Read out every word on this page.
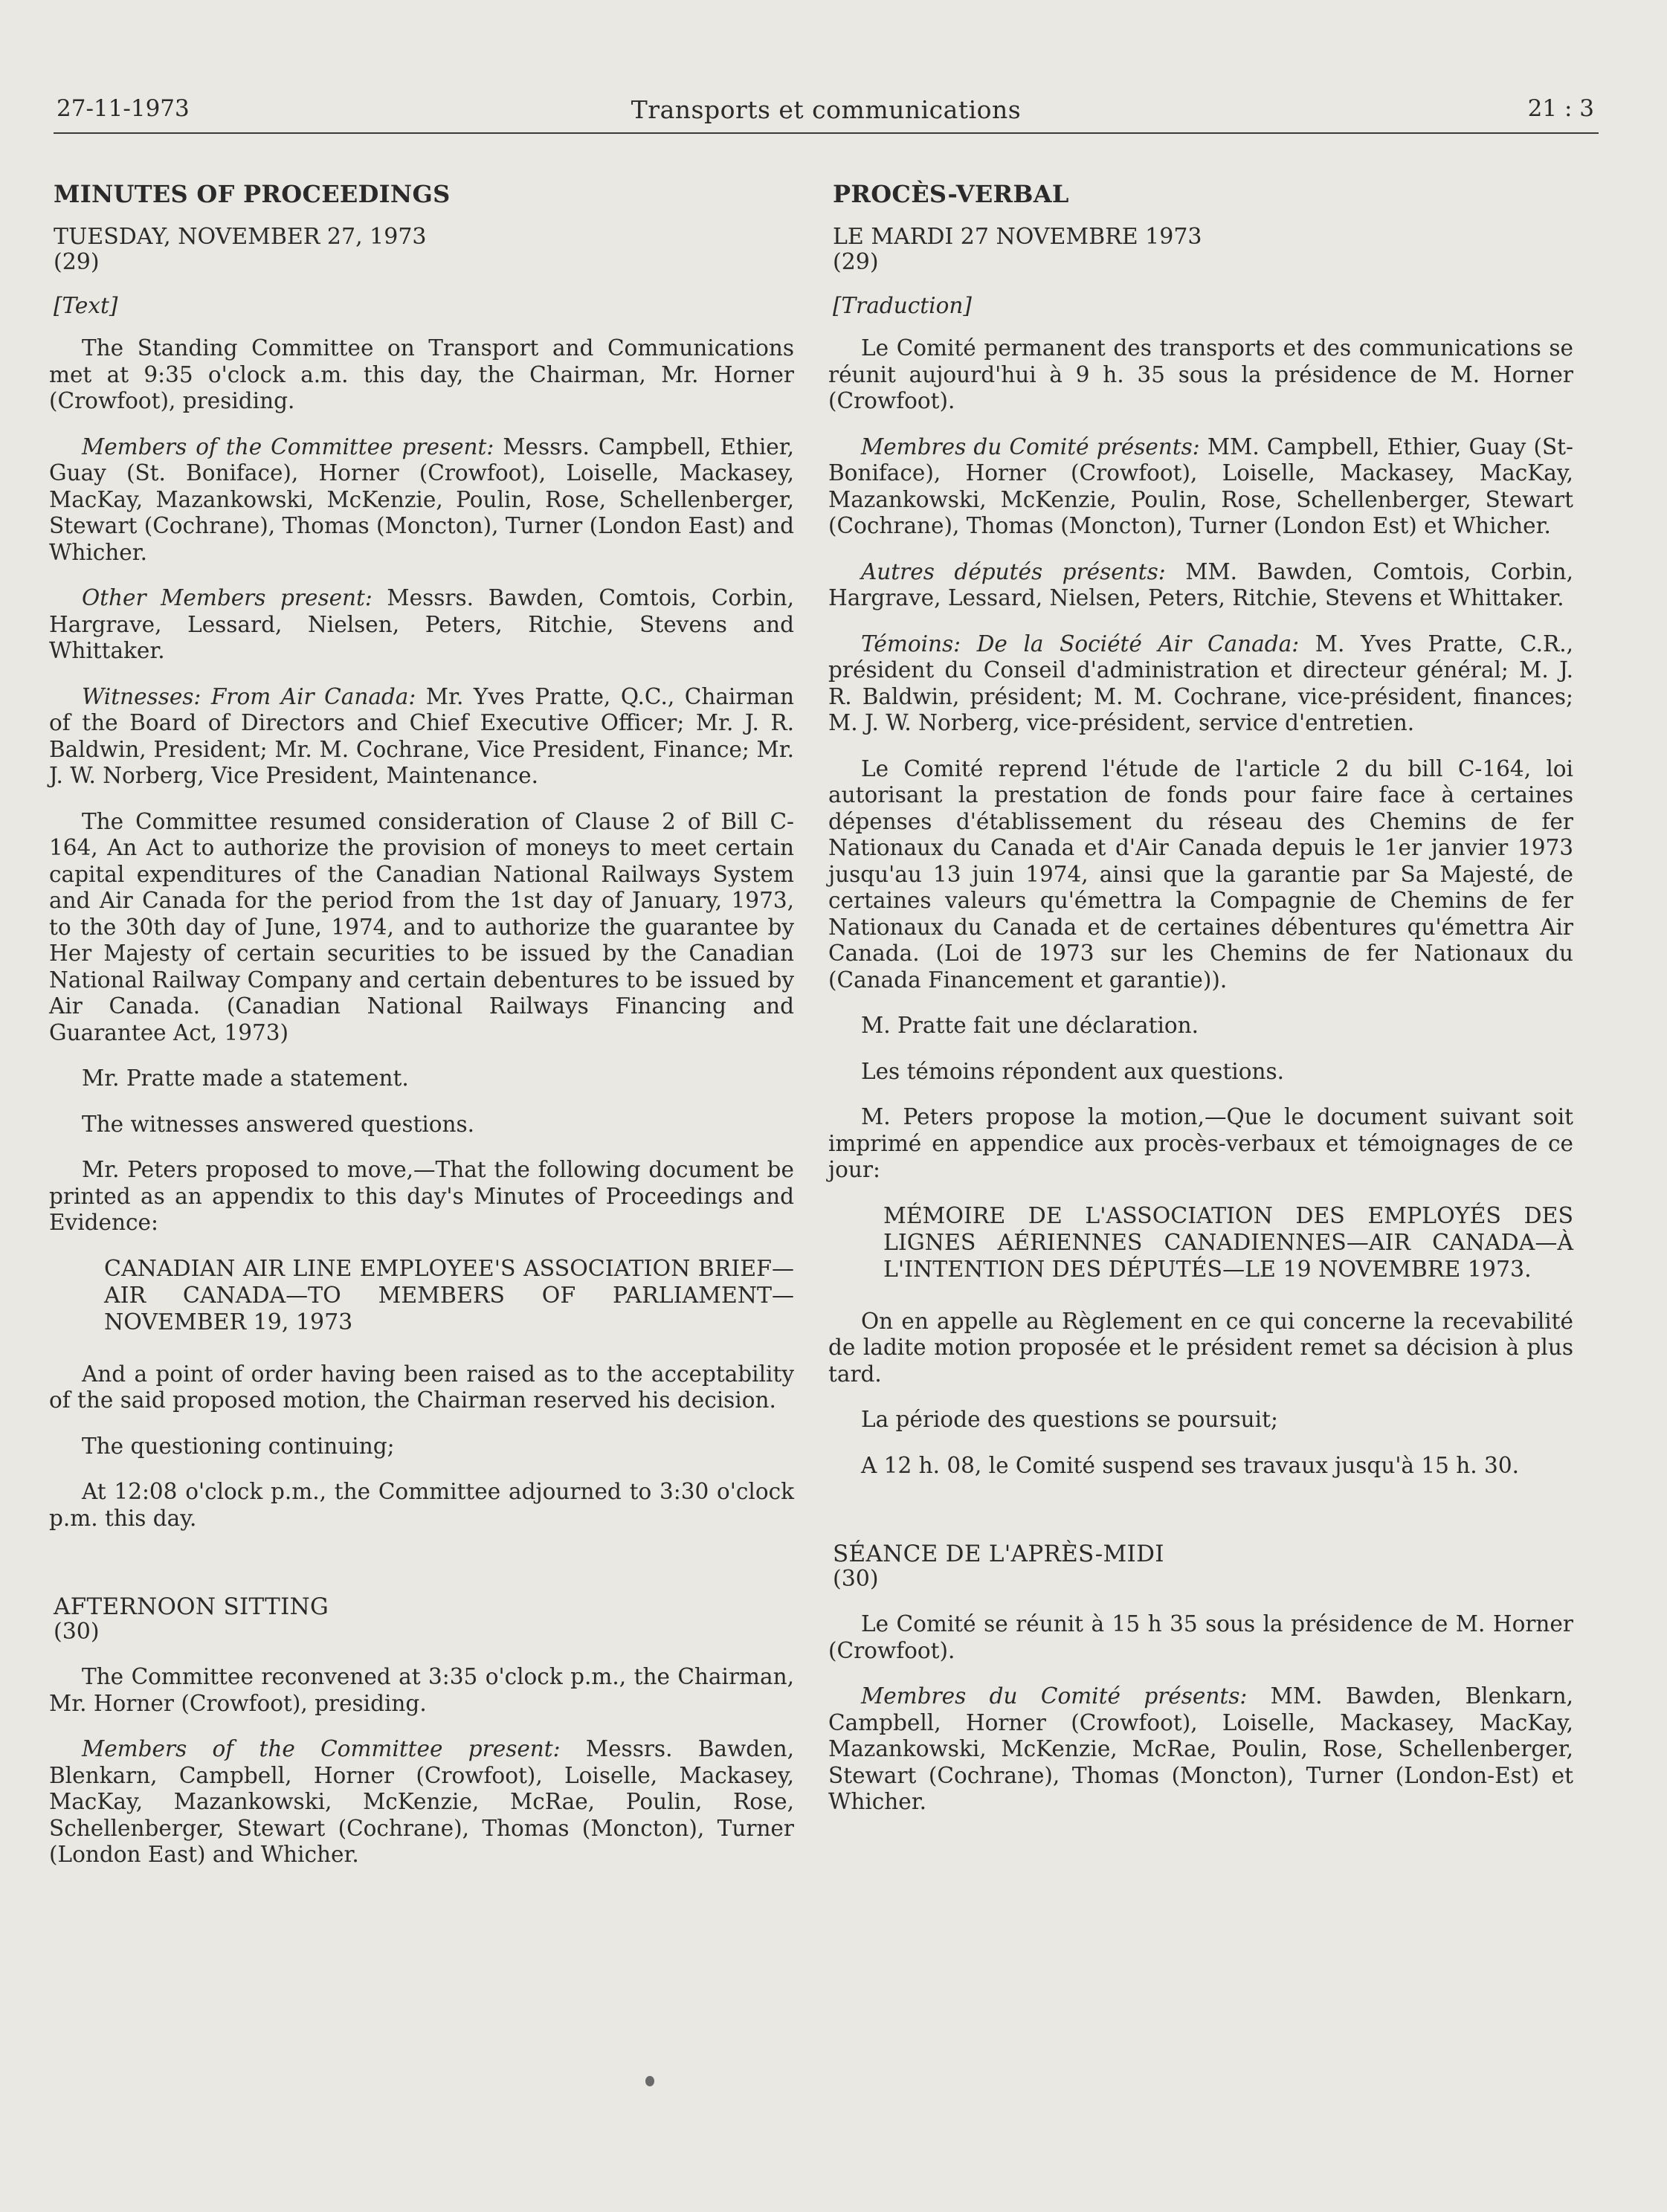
27-11-1973	Transports et communications	21 : 3
MINUTES OF PROCEEDINGS
TUESDAY, NOVEMBER 27, 1973
(29)
[Text]

The Standing Committee on Transport and Communications met at 9:35 o'clock a.m. this day, the Chairman, Mr. Horner (Crowfoot), presiding.

Members of the Committee present: Messrs. Campbell, Ethier, Guay (St. Boniface), Horner (Crowfoot), Loiselle, Mackasey, MacKay, Mazankowski, McKenzie, Poulin, Rose, Schellenberger, Stewart (Cochrane), Thomas (Moncton), Turner (London East) and Whicher.

Other Members present: Messrs. Bawden, Comtois, Corbin, Hargrave, Lessard, Nielsen, Peters, Ritchie, Stevens and Whittaker.

Witnesses: From Air Canada: Mr. Yves Pratte, Q.C., Chairman of the Board of Directors and Chief Executive Officer; Mr. J. R. Baldwin, President; Mr. M. Cochrane, Vice President, Finance; Mr. J. W. Norberg, Vice President, Maintenance.

The Committee resumed consideration of Clause 2 of Bill C-164, An Act to authorize the provision of moneys to meet certain capital expenditures of the Canadian National Railways System and Air Canada for the period from the 1st day of January, 1973, to the 30th day of June, 1974, and to authorize the guarantee by Her Majesty of certain securities to be issued by the Canadian National Railway Company and certain debentures to be issued by Air Canada. (Canadian National Railways Financing and Guarantee Act, 1973)

Mr. Pratte made a statement.

The witnesses answered questions.

Mr. Peters proposed to move,—That the following document be printed as an appendix to this day's Minutes of Proceedings and Evidence:

CANADIAN AIR LINE EMPLOYEE'S ASSOCIATION BRIEF—AIR CANADA—TO MEMBERS OF PARLIAMENT—NOVEMBER 19, 1973

And a point of order having been raised as to the acceptability of the said proposed motion, the Chairman reserved his decision.

The questioning continuing;

At 12:08 o'clock p.m., the Committee adjourned to 3:30 o'clock p.m. this day.

AFTERNOON SITTING
(30)

The Committee reconvened at 3:35 o'clock p.m., the Chairman, Mr. Horner (Crowfoot), presiding.

Members of the Committee present: Messrs. Bawden, Blenkarn, Campbell, Horner (Crowfoot), Loiselle, Mackasey, MacKay, Mazankowski, McKenzie, McRae, Poulin, Rose, Schellenberger, Stewart (Cochrane), Thomas (Moncton), Turner (London East) and Whicher.

PROCÈS-VERBAL
LE MARDI 27 NOVEMBRE 1973
(29)
[Traduction]

Le Comité permanent des transports et des communications se réunit aujourd'hui à 9 h. 35 sous la présidence de M. Horner (Crowfoot).

Membres du Comité présents: MM. Campbell, Ethier, Guay (St-Boniface), Horner (Crowfoot), Loiselle, Mackasey, MacKay, Mazankowski, McKenzie, Poulin, Rose, Schellenberger, Stewart (Cochrane), Thomas (Moncton), Turner (London Est) et Whicher.

Autres députés présents: MM. Bawden, Comtois, Corbin, Hargrave, Lessard, Nielsen, Peters, Ritchie, Stevens et Whittaker.

Témoins: De la Société Air Canada: M. Yves Pratte, C.R., président du Conseil d'administration et directeur général; M. J. R. Baldwin, président; M. M. Cochrane, vice-président, finances; M. J. W. Norberg, vice-président, service d'entretien.

Le Comité reprend l'étude de l'article 2 du bill C-164, loi autorisant la prestation de fonds pour faire face à certaines dépenses d'établissement du réseau des Chemins de fer Nationaux du Canada et d'Air Canada depuis le 1er janvier 1973 jusqu'au 13 juin 1974, ainsi que la garantie par Sa Majesté, de certaines valeurs qu'émettra la Compagnie de Chemins de fer Nationaux du Canada et de certaines débentures qu'émettra Air Canada. (Loi de 1973 sur les Chemins de fer Nationaux du (Canada Financement et garantie)).

M. Pratte fait une déclaration.

Les témoins répondent aux questions.

M. Peters propose la motion,—Que le document suivant soit imprimé en appendice aux procès-verbaux et témoignages de ce jour:

MÉMOIRE DE L'ASSOCIATION DES EMPLOYÉS DES LIGNES AÉRIENNES CANADIENNES—AIR CANADA—À L'INTENTION DES DÉPUTÉS—LE 19 NOVEMBRE 1973.

On en appelle au Règlement en ce qui concerne la recevabilité de ladite motion proposée et le président remet sa décision à plus tard.

La période des questions se poursuit;

A 12 h. 08, le Comité suspend ses travaux jusqu'à 15 h. 30.

SÉANCE DE L'APRÈS-MIDI
(30)

Le Comité se réunit à 15 h 35 sous la présidence de M. Horner (Crowfoot).

Membres du Comité présents: MM. Bawden, Blenkarn, Campbell, Horner (Crowfoot), Loiselle, Mackasey, MacKay, Mazankowski, McKenzie, McRae, Poulin, Rose, Schellenberger, Stewart (Cochrane), Thomas (Moncton), Turner (London-Est) et Whicher.
